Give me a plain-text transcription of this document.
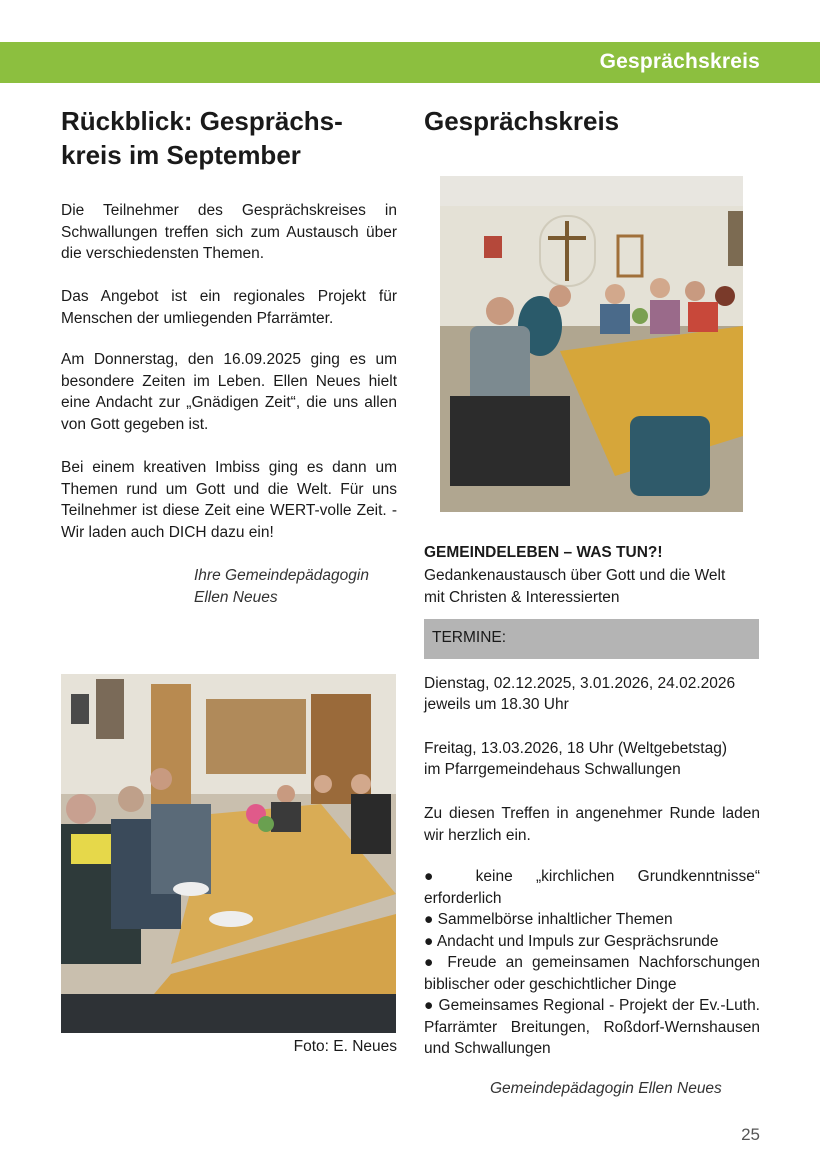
Gesprächskreis
Rückblick: Gesprächs-
kreis im September

Die Teilnehmer des Gesprächskreises in Schwallungen treffen sich zum Austausch über die verschiedensten Themen.

Das Angebot ist ein regionales Projekt für Menschen der umliegenden Pfarrämter.

Am Donnerstag, den 16.09.2025 ging es um besondere Zeiten im Leben. Ellen Neues hielt eine Andacht zur „Gnädigen Zeit“, die uns allen von Gott gegeben ist.

Bei einem kreativen Imbiss ging es dann um Themen rund um Gott und die Welt. Für uns Teilnehmer ist diese Zeit eine WERT-volle Zeit. - Wir laden auch DICH dazu ein!

Ihre Gemeindepädagogin
Ellen Neues
Foto: E. Neues
Gesprächskreis
GEMEINDELEBEN – WAS TUN?!
Gedankenaustausch über Gott und die Welt
mit Christen & Interessierten
TERMINE:
Dienstag, 02.12.2025, 3.01.2026, 24.02.2026
jeweils um 18.30 Uhr
Freitag, 13.03.2026, 18 Uhr (Weltgebetstag)
im Pfarrgemeindehaus Schwallungen
Zu diesen Treffen in angenehmer Runde laden wir herzlich ein.
● keine „kirchlichen Grundkenntnisse“ erforderlich
● Sammelbörse inhaltlicher Themen
● Andacht und Impuls zur Gesprächsrunde
● Freude an gemeinsamen Nachforschungen biblischer oder geschichtlicher Dinge
● Gemeinsames Regional - Projekt der Ev.-Luth. Pfarrämter Breitungen, Roßdorf-Wernshausen und Schwallungen
Gemeindepädagogin Ellen Neues
25
